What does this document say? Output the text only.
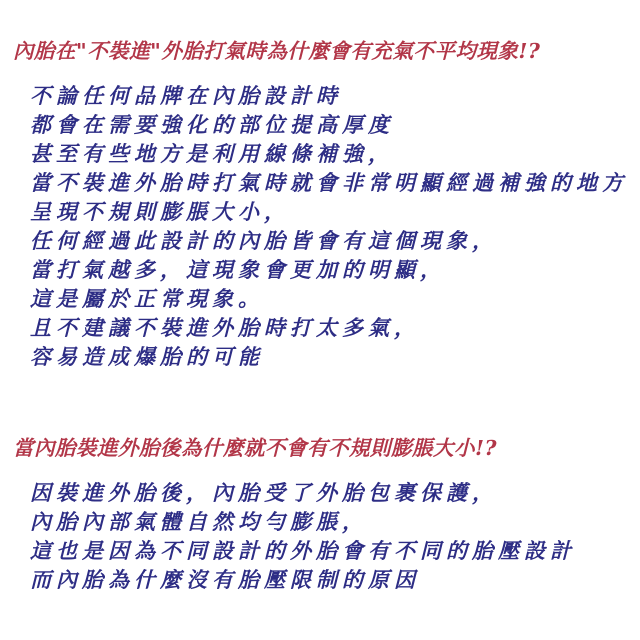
內胎在"不裝進"外胎打氣時為什麼會有充氣不平均現象!?
不論任何品牌在內胎設計時
都會在需要強化的部位提高厚度
甚至有些地方是利用線條補強，
當不裝進外胎時打氣時就會非常明顯經過補強的地方
呈現不規則膨脹大小，
任何經過此設計的內胎皆會有這個現象，
當打氣越多，這現象會更加的明顯，
這是屬於正常現象。
且不建議不裝進外胎時打太多氣，
容易造成爆胎的可能
當內胎裝進外胎後為什麼就不會有不規則膨脹大小!?
因裝進外胎後，內胎受了外胎包裹保護，
內胎內部氣體自然均勻膨脹，
這也是因為不同設計的外胎會有不同的胎壓設計
而內胎為什麼沒有胎壓限制的原因
